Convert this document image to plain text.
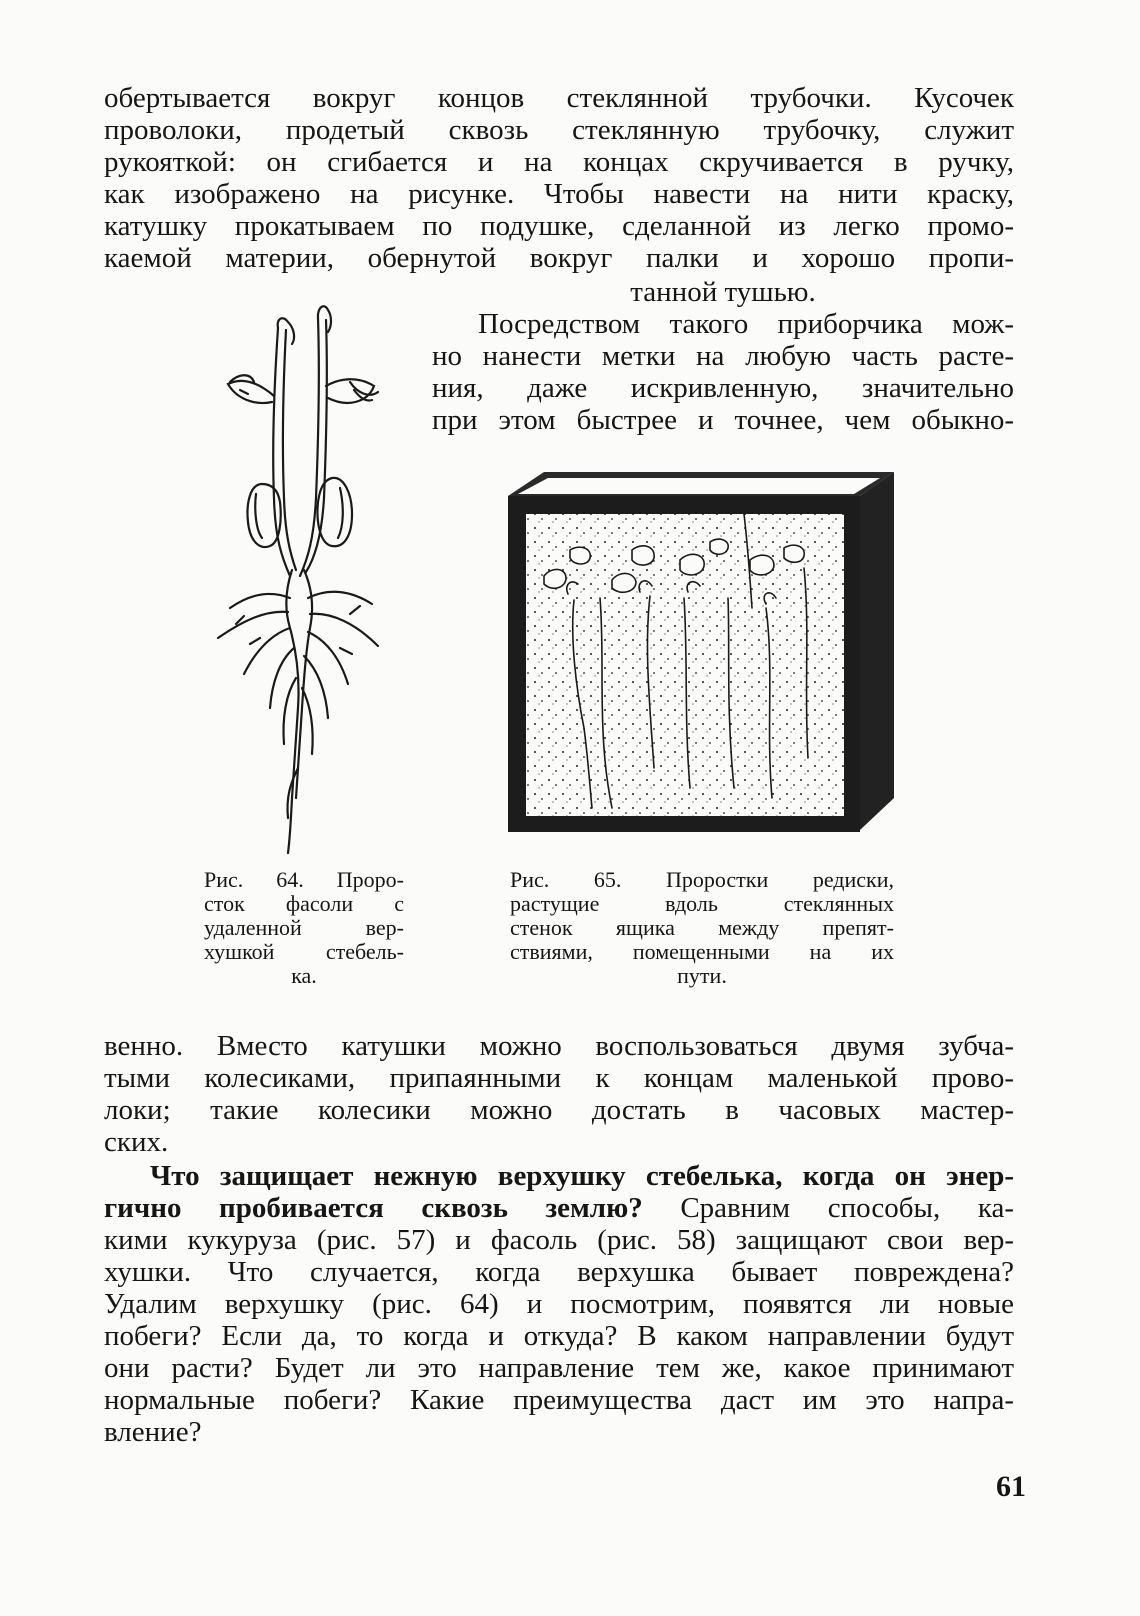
обертывается вокруг концов стеклянной трубочки. Кусочек
проволоки, продетый сквозь стеклянную трубочку, служит
рукояткой: он сгибается и на концах скручивается в ручку,
как изображено на рисунке. Чтобы навести на нити краску,
катушку прокатываем по подушке, сделанной из легко промо-
каемой материи, обернутой вокруг палки и хорошо пропи-
танной тушью.
Посредством такого приборчика мож-
но нанести метки на любую часть расте-
ния, даже искривленную, значительно
при этом быстрее и точнее, чем обыкно-
Рис. 64. Проро-
сток фасоли с
удаленной вер-
хушкой стебель-
ка.
Рис. 65. Проростки редиски,
растущие вдоль стеклянных
стенок ящика между препят-
ствиями, помещенными на их
пути.
венно. Вместо катушки можно воспользоваться двумя зубча-
тыми колесиками, припаянными к концам маленькой прово-
локи; такие колесики можно достать в часовых мастер-
ских.
Что защищает нежную верхушку стебелька, когда он энер-
гично пробивается сквозь землю? Сравним способы, ка-
кими кукуруза (рис. 57) и фасоль (рис. 58) защищают свои вер-
хушки. Что случается, когда верхушка бывает повреждена?
Удалим верхушку (рис. 64) и посмотрим, появятся ли новые
побеги? Если да, то когда и откуда? В каком направлении будут
они расти? Будет ли это направление тем же, какое принимают
нормальные побеги? Какие преимущества даст им это напра-
вление?
61
